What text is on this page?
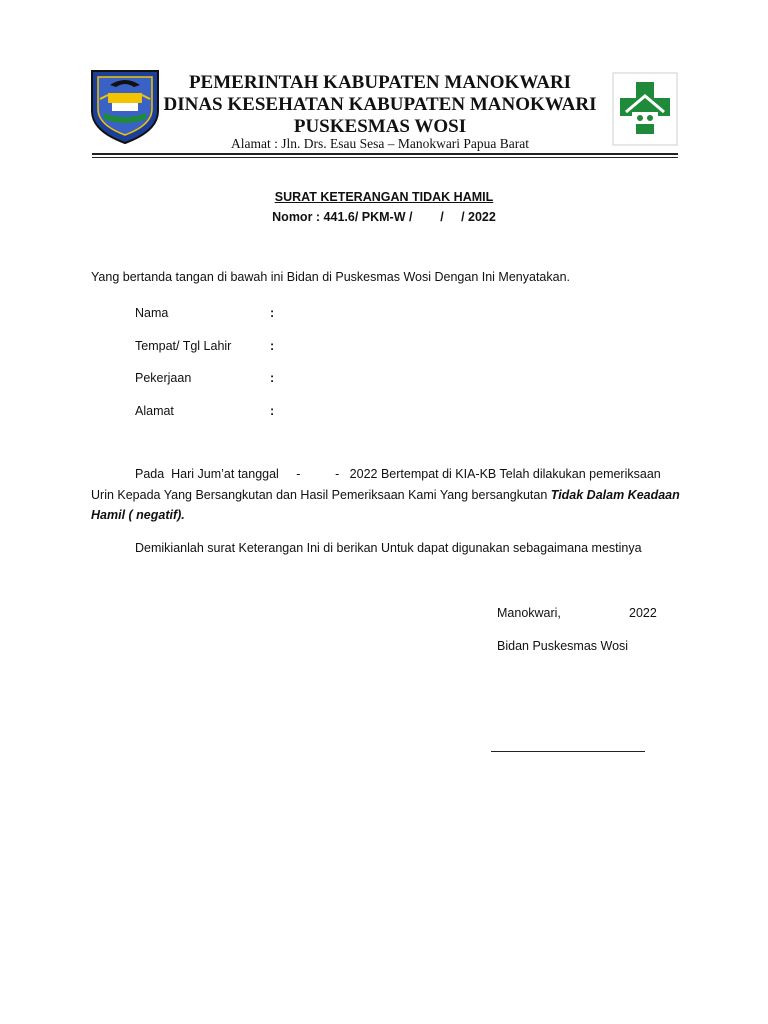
PEMERINTAH KABUPATEN MANOKWARI
DINAS KESEHATAN KABUPATEN MANOKWARI
PUSKESMAS WOSI
Alamat : Jln. Drs. Esau Sesa – Manokwari Papua Barat
SURAT KETERANGAN TIDAK HAMIL
Nomor : 441.6/ PKM-W /        /     / 2022
Yang bertanda tangan di bawah ini Bidan di Puskesmas Wosi Dengan Ini Menyatakan.
Nama	:
Tempat/ Tgl Lahir	:
Pekerjaan	:
Alamat	:
Pada  Hari Jum’at tanggal     -          -   2022 Bertempat di KIA-KB Telah dilakukan pemeriksaan
Urin Kepada Yang Bersangkutan dan Hasil Pemeriksaan Kami Yang bersangkutan Tidak Dalam Keadaan
Hamil ( negatif).
Demikianlah surat Keterangan Ini di berikan Untuk dapat digunakan sebagaimana mestinya
Manokwari,	2022
Bidan Puskesmas Wosi
